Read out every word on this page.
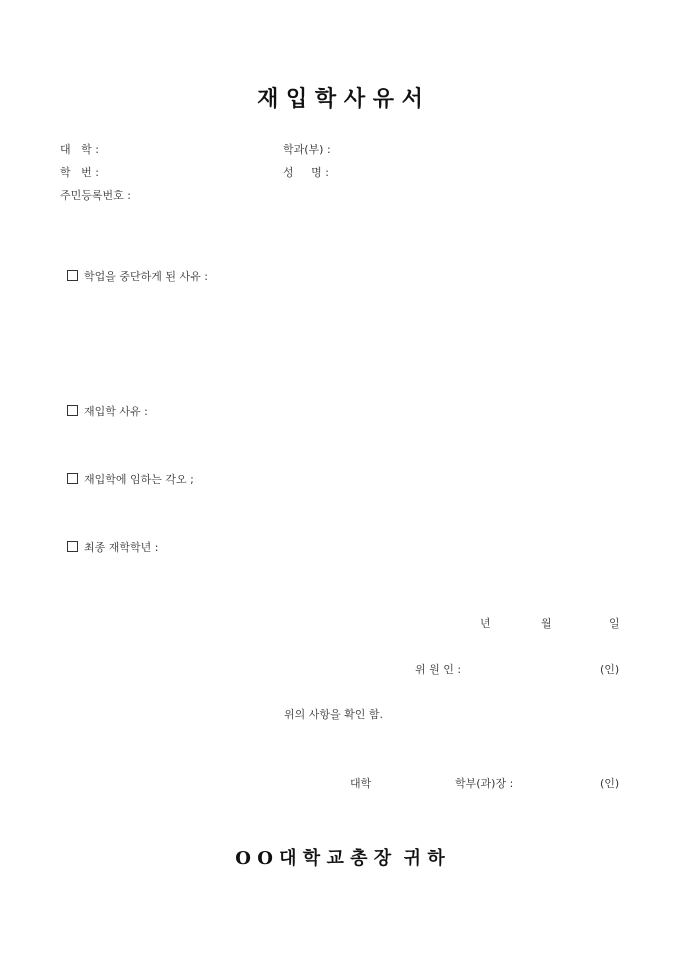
재 입 학 사 유 서
대   학 :	학과(부) :
학   번 :	성     명 :
주민등록번호 :

학업을 중단하게 된 사유 :

재입학 사유 :

재입학에 임하는 각오 ;

최종 재학학년 :

년	월	일
위 원 인 :	(인)
위의 사항을 확인 함.
대학	학부(과)장 :	(인)
O O 대 학 교 총 장  귀 하
